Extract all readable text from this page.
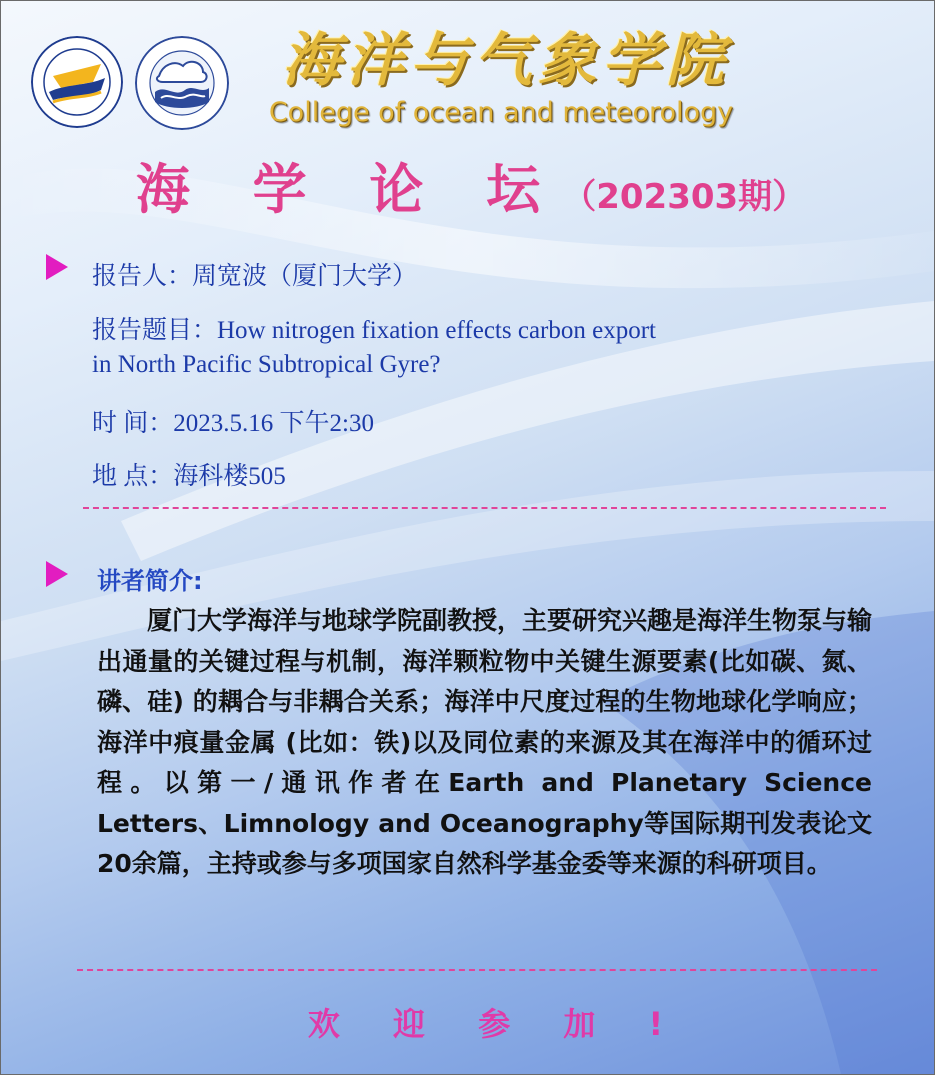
海洋与气象学院
College of ocean and meteorology
海 学 论 坛（202303期）
报告人：周宽波（厦门大学）
报告题目：How nitrogen fixation effects carbon export
in North Pacific Subtropical Gyre?
时 间：2023.5.16 下午2:30
地 点：海科楼505
讲者简介:
厦门大学海洋与地球学院副教授，主要研究兴趣是海洋生物泵与输出通量的关键过程与机制，海洋颗粒物中关键生源要素(比如碳、氮、磷、硅) 的耦合与非耦合关系；海洋中尺度过程的生物地球化学响应；海洋中痕量金属 (比如：铁)以及同位素的来源及其在海洋中的循环过程。以第一/通讯作者在Earth and Planetary Science Letters、Limnology and Oceanography等国际期刊发表论文20余篇，主持或参与多项国家自然科学基金委等来源的科研项目。
欢 迎 参 加 !
